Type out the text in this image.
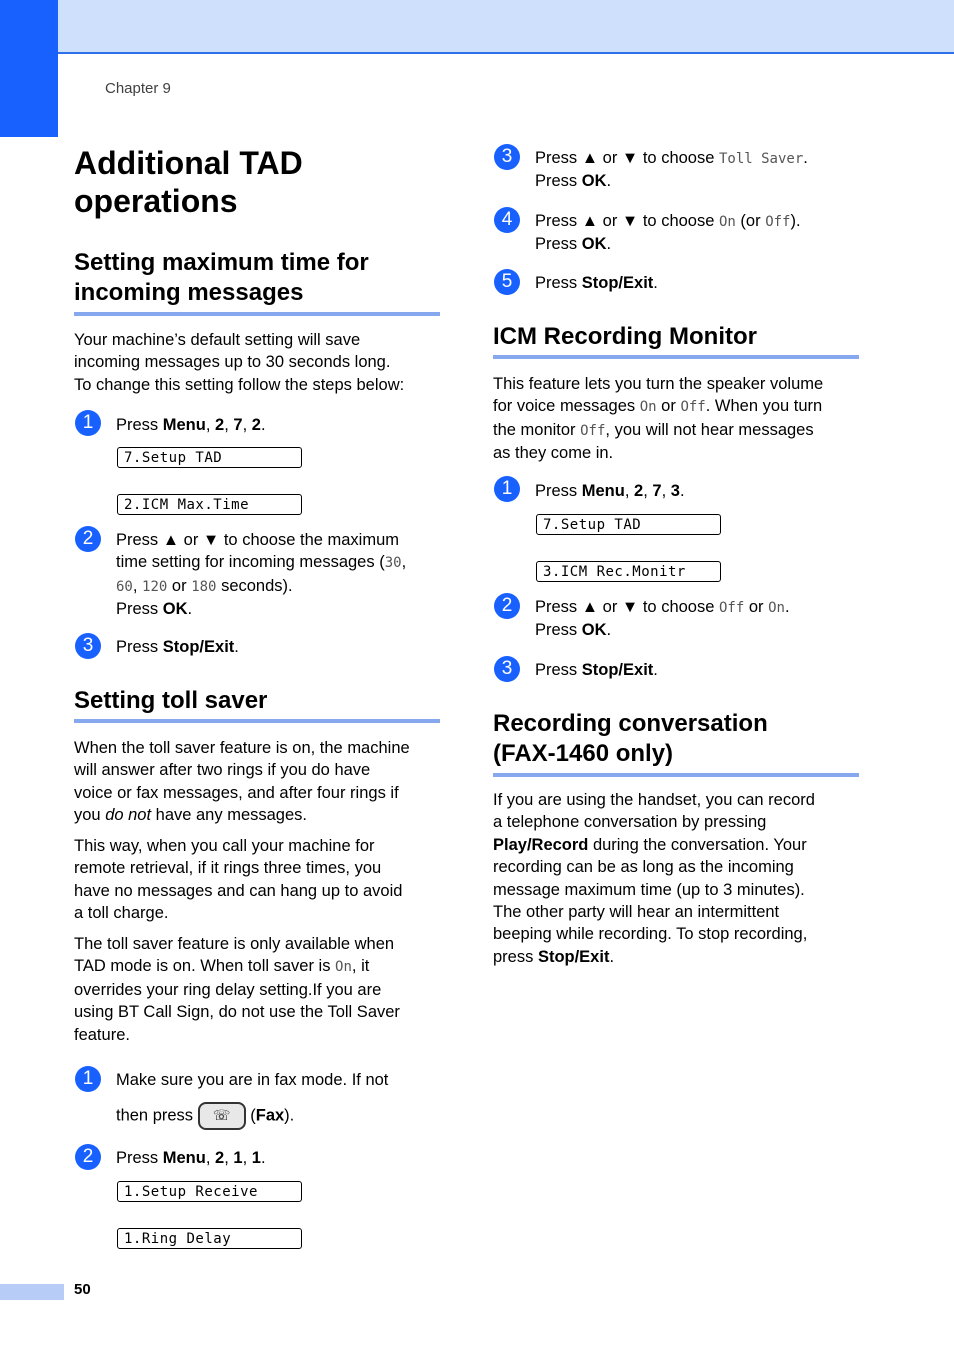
Chapter 9
50
Additional TAD
operations
Setting maximum time for
incoming messages

Your machine’s default setting will save

incoming messages up to 30 seconds long.

To change this setting follow the steps below:

1	Press Menu, 2, 7, 2.
7.Setup TAD
2.ICM Max.Time
2	Press ▲ or ▼ to choose the maximum
time setting for incoming messages (30,
60, 120 or 180 seconds).
Press OK.
3	Press Stop/Exit.
Setting toll saver

When the toll saver feature is on, the machine

will answer after two rings if you do have

voice or fax messages, and after four rings if

you do not have any messages.

This way, when you call your machine for

remote retrieval, if it rings three times, you

have no messages and can hang up to avoid

a toll charge.

The toll saver feature is only available when

TAD mode is on. When toll saver is On, it

overrides your ring delay setting.If you are

using BT Call Sign, do not use the Toll Saver

feature.

1	Make sure you are in fax mode. If not
then press ☏ (Fax).
2	Press Menu, 2, 1, 1.
1.Setup Receive
1.Ring Delay
3	Press ▲ or ▼ to choose Toll Saver.
Press OK.
4	Press ▲ or ▼ to choose On (or Off).
Press OK.
5	Press Stop/Exit.
ICM Recording Monitor

This feature lets you turn the speaker volume

for voice messages On or Off. When you turn

the monitor Off, you will not hear messages

as they come in.

1	Press Menu, 2, 7, 3.
7.Setup TAD
3.ICM Rec.Monitr
2	Press ▲ or ▼ to choose Off or On.
Press OK.
3	Press Stop/Exit.
Recording conversation
(FAX-1460 only)

If you are using the handset, you can record

a telephone conversation by pressing

Play/Record during the conversation. Your

recording can be as long as the incoming

message maximum time (up to 3 minutes).

The other party will hear an intermittent

beeping while recording. To stop recording,

press Stop/Exit.
